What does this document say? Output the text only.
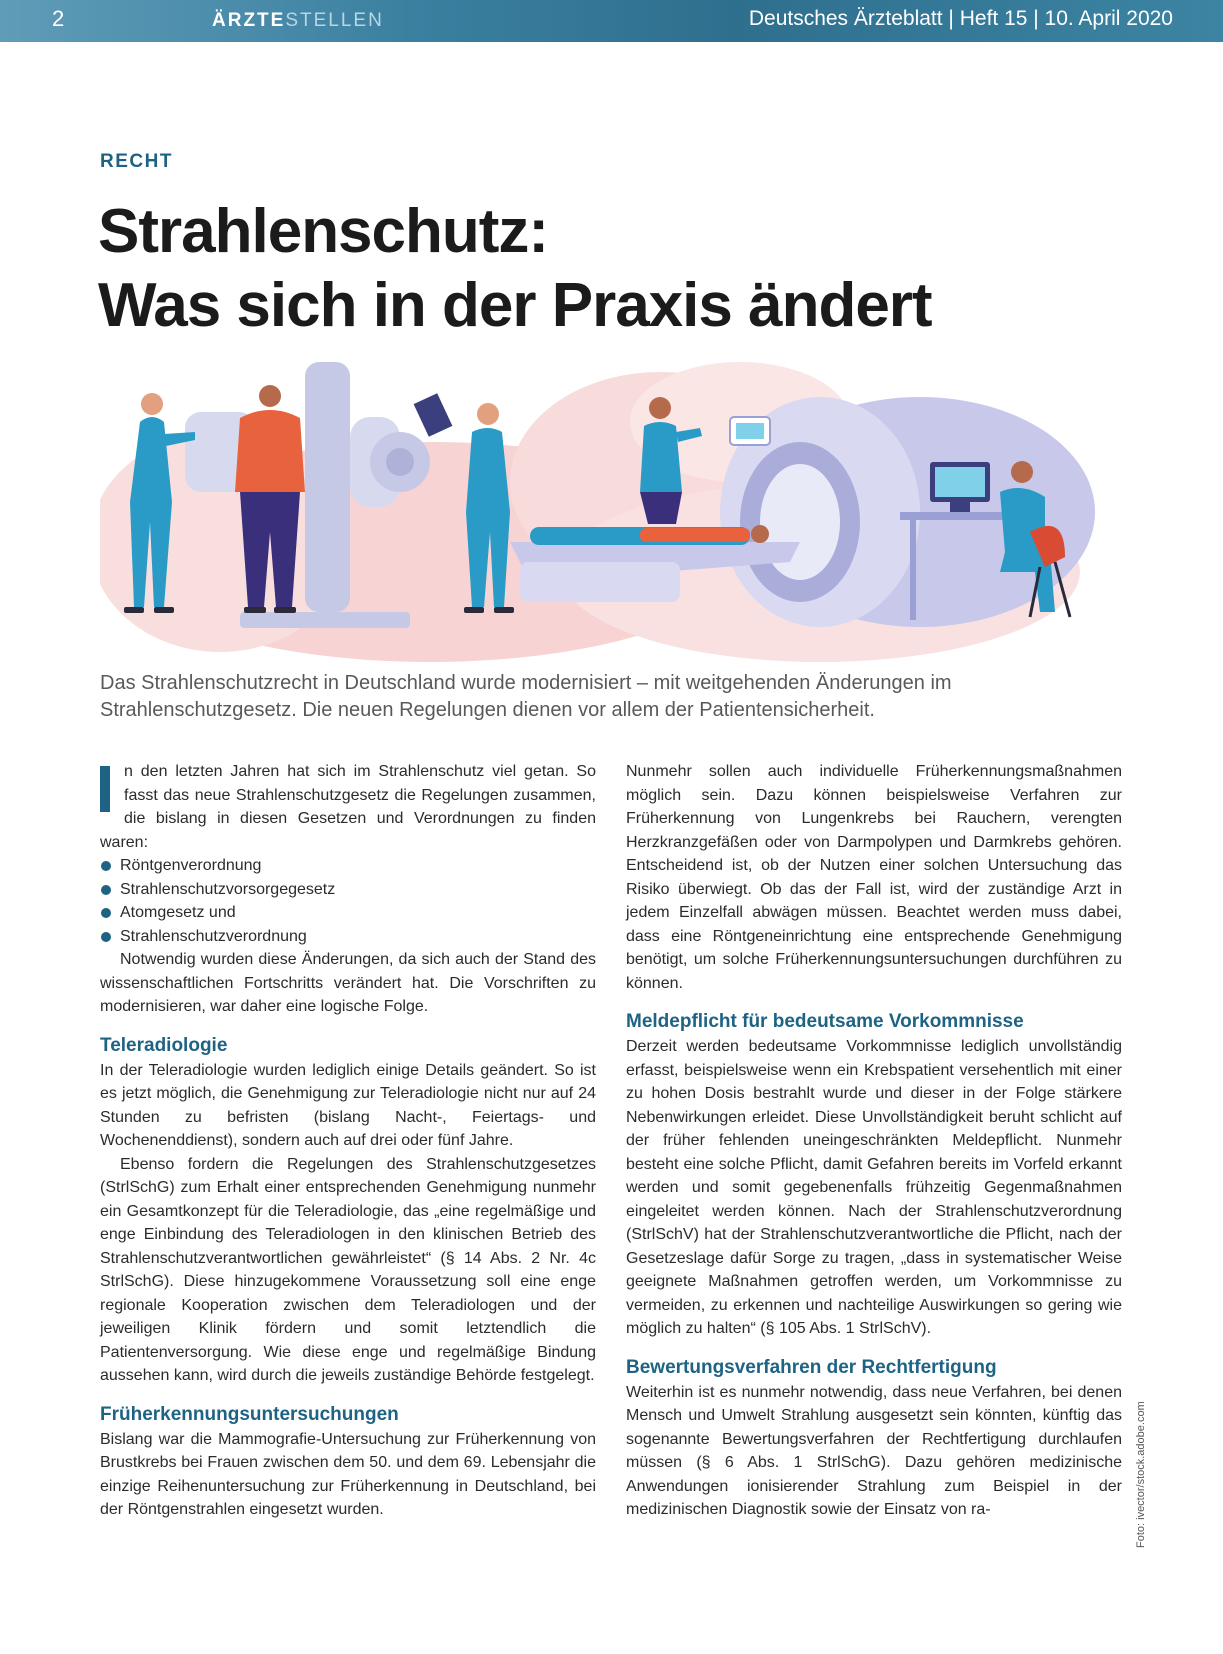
2	ÄRZTESTELLEN	Deutsches Ärzteblatt | Heft 15 | 10. April 2020
RECHT
Strahlenschutz:
Was sich in der Praxis ändert

Das Strahlenschutzrecht in Deutschland wurde modernisiert – mit weitgehenden Änderungen im Strahlenschutzgesetz. Die neuen Regelungen dienen vor allem der Patientensicherheit.

n den letzten Jahren hat sich im Strahlenschutz viel getan. So fasst das neue Strahlenschutzgesetz die Regelungen zusammen, die bislang in diesen Gesetzen und Verordnungen zu finden waren:

Röntgenverordnung
Strahlenschutzvorsorgegesetz
Atomgesetz und
Strahlenschutzverordnung

Notwendig wurden diese Änderungen, da sich auch der Stand des wissenschaftlichen Fortschritts verändert hat. Die Vorschriften zu modernisieren, war daher eine logische Folge.

Teleradiologie

In der Teleradiologie wurden lediglich einige Details geändert. So ist es jetzt möglich, die Genehmigung zur Teleradiologie nicht nur auf 24 Stunden zu befristen (bislang Nacht-, Feiertags- und Wochenenddienst), sondern auch auf drei oder fünf Jahre.

Ebenso fordern die Regelungen des Strahlenschutzgesetzes (StrlSchG) zum Erhalt einer entsprechenden Genehmigung nunmehr ein Gesamtkonzept für die Teleradiologie, das „eine regelmäßige und enge Einbindung des Teleradiologen in den klinischen Betrieb des Strahlenschutzverantwortlichen gewährleistet“ (§ 14 Abs. 2 Nr. 4c StrlSchG). Diese hinzugekommene Voraussetzung soll eine enge regionale Kooperation zwischen dem Teleradiologen und der jeweiligen Klinik fördern und somit letztendlich die Patientenversorgung. Wie diese enge und regelmäßige Bindung aussehen kann, wird durch die jeweils zuständige Behörde festgelegt.

Früherkennungsuntersuchungen

Bislang war die Mammografie-Untersuchung zur Früherkennung von Brustkrebs bei Frauen zwischen dem 50. und dem 69. Lebensjahr die einzige Reihenuntersuchung zur Früherkennung in Deutschland, bei der Röntgenstrahlen eingesetzt wurden.

Nunmehr sollen auch individuelle Früherkennungsmaßnahmen möglich sein. Dazu können beispielsweise Verfahren zur Früherkennung von Lungenkrebs bei Rauchern, verengten Herzkranzgefäßen oder von Darmpolypen und Darmkrebs gehören. Entscheidend ist, ob der Nutzen einer solchen Untersuchung das Risiko überwiegt. Ob das der Fall ist, wird der zuständige Arzt in jedem Einzelfall abwägen müssen. Beachtet werden muss dabei, dass eine Röntgeneinrichtung eine entsprechende Genehmigung benötigt, um solche Früherkennungsuntersuchungen durchführen zu können.

Meldepflicht für bedeutsame Vorkommnisse

Derzeit werden bedeutsame Vorkommnisse lediglich unvollständig erfasst, beispielsweise wenn ein Krebspatient versehentlich mit einer zu hohen Dosis bestrahlt wurde und dieser in der Folge stärkere Nebenwirkungen erleidet. Diese Unvollständigkeit beruht schlicht auf der früher fehlenden uneingeschränkten Meldepflicht. Nunmehr besteht eine solche Pflicht, damit Gefahren bereits im Vorfeld erkannt werden und somit gegebenenfalls frühzeitig Gegenmaßnahmen eingeleitet werden können. Nach der Strahlenschutzverordnung (StrlSchV) hat der Strahlenschutzverantwortliche die Pflicht, nach der Gesetzeslage dafür Sorge zu tragen, „dass in systematischer Weise geeignete Maßnahmen getroffen werden, um Vorkommnisse zu vermeiden, zu erkennen und nachteilige Auswirkungen so gering wie möglich zu halten“ (§ 105 Abs. 1 StrlSchV).

Bewertungsverfahren der Rechtfertigung

Weiterhin ist es nunmehr notwendig, dass neue Verfahren, bei denen Mensch und Umwelt Strahlung ausgesetzt sein könnten, künftig das sogenannte Bewertungsverfahren der Rechtfertigung durchlaufen müssen (§ 6 Abs. 1 StrlSchG). Dazu gehören medizinische Anwendungen ionisierender Strahlung zum Beispiel in der medizinischen Diagnostik sowie der Einsatz von ra-	Foto: ivector/stock.adobe.com
